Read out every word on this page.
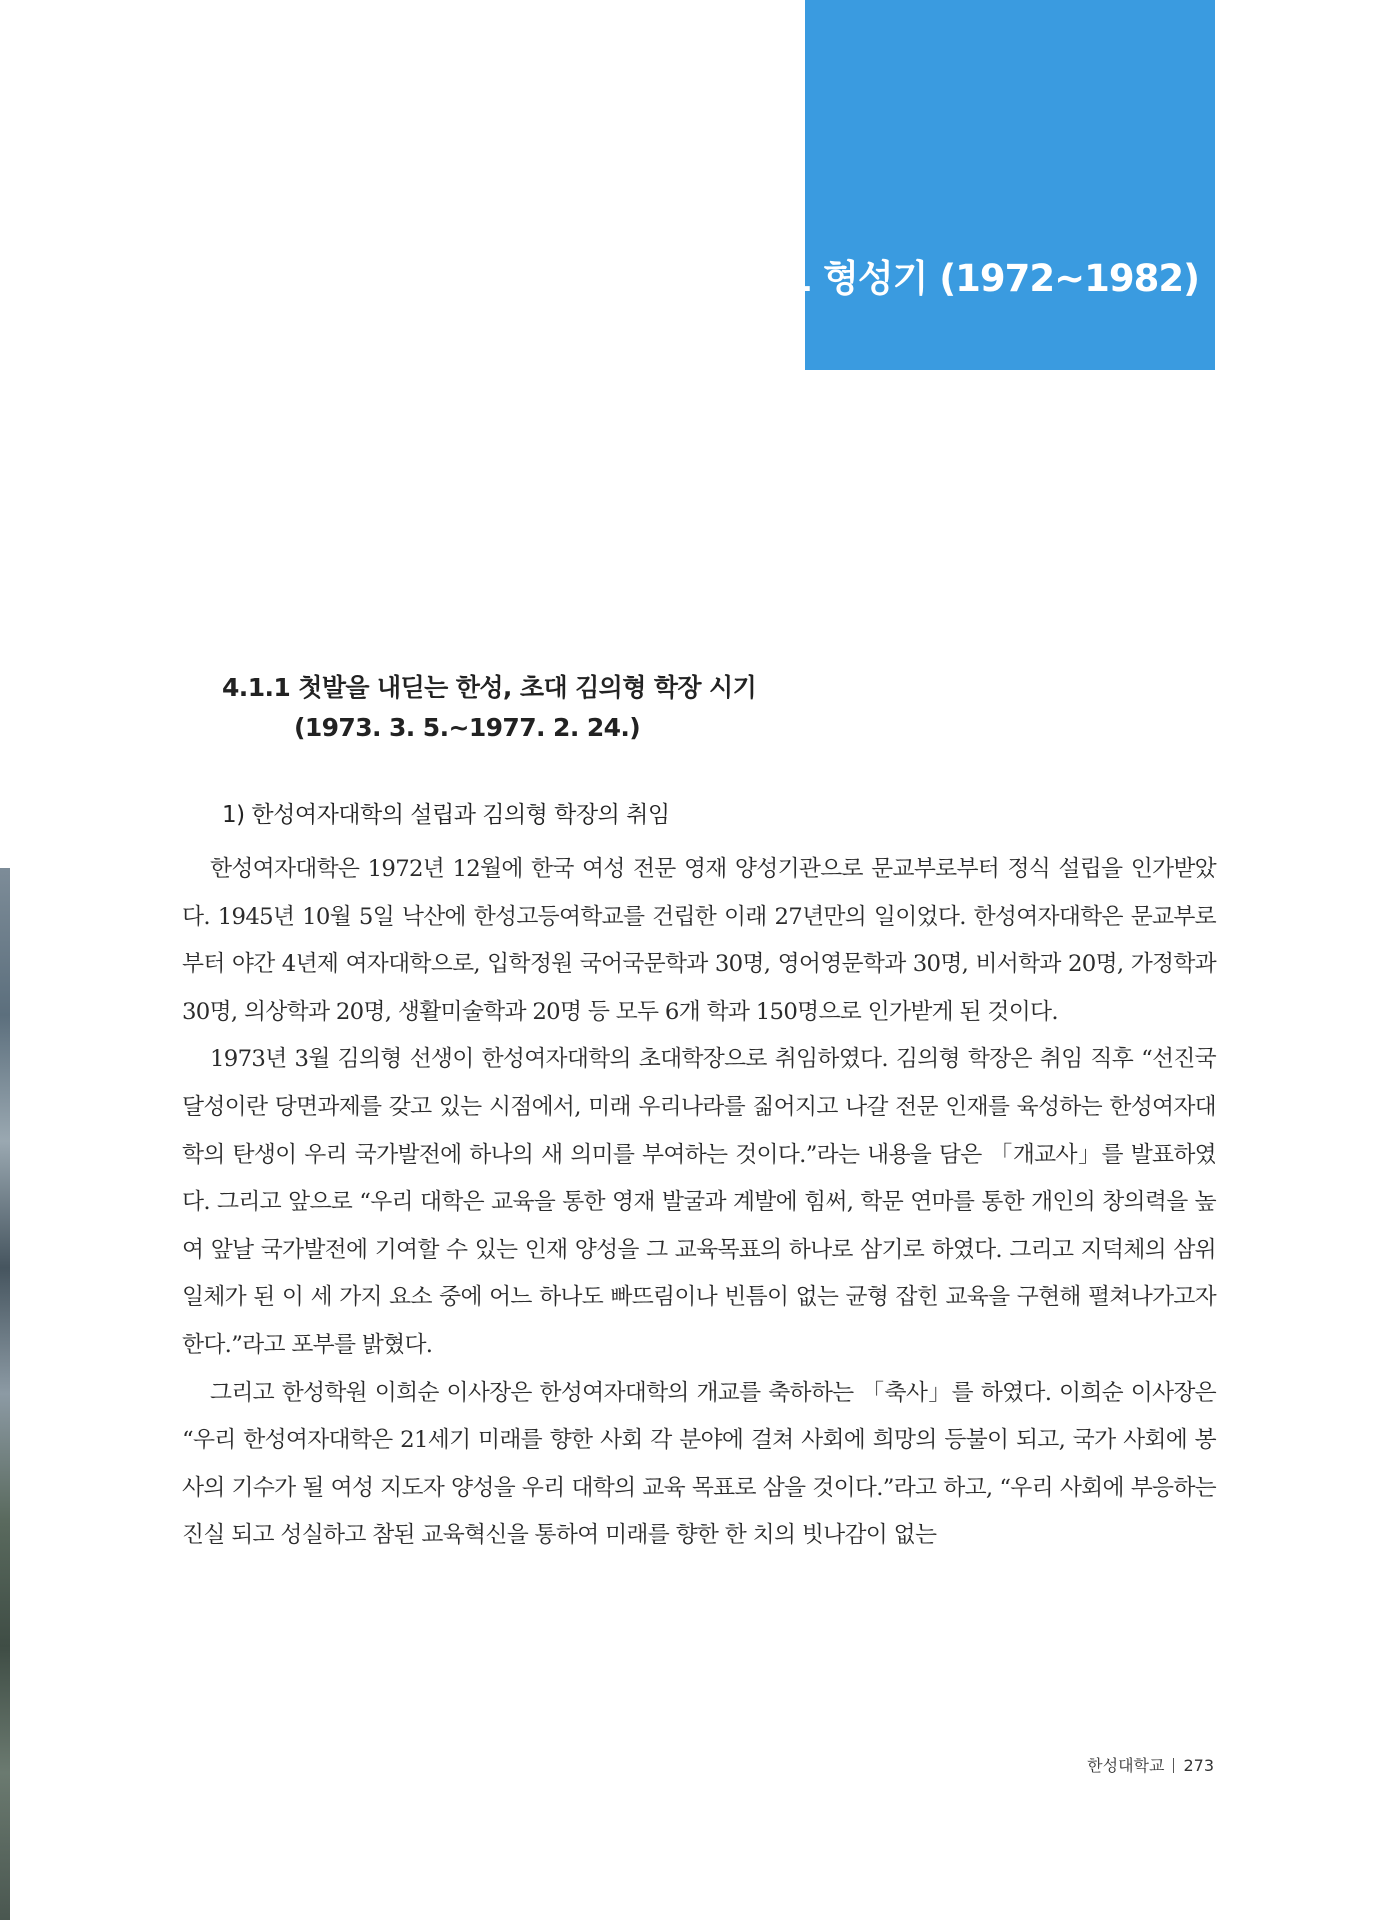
4.1 형성기 (1972~1982)
4.1.1 첫발을 내딛는 한성, 초대 김의형 학장 시기
(1973. 3. 5.~1977. 2. 24.)
1) 한성여자대학의 설립과 김의형 학장의 취임

한성여자대학은 1972년 12월에 한국 여성 전문 영재 양성기관으로 문교부로부터 정식 설립을 인가받았다. 1945년 10월 5일 낙산에 한성고등여학교를 건립한 이래 27년만의 일이었다. 한성여자대학은 문교부로부터 야간 4년제 여자대학으로, 입학정원 국어국문학과 30명, 영어영문학과 30명, 비서학과 20명, 가정학과 30명, 의상학과 20명, 생활미술학과 20명 등 모두 6개 학과 150명으로 인가받게 된 것이다.

1973년 3월 김의형 선생이 한성여자대학의 초대학장으로 취임하였다. 김의형 학장은 취임 직후 “선진국 달성이란 당면과제를 갖고 있는 시점에서, 미래 우리나라를 짊어지고 나갈 전문 인재를 육성하는 한성여자대학의 탄생이 우리 국가발전에 하나의 새 의미를 부여하는 것이다.”라는 내용을 담은 「개교사」를 발표하였다. 그리고 앞으로 “우리 대학은 교육을 통한 영재 발굴과 계발에 힘써, 학문 연마를 통한 개인의 창의력을 높여 앞날 국가발전에 기여할 수 있는 인재 양성을 그 교육목표의 하나로 삼기로 하였다. 그리고 지덕체의 삼위일체가 된 이 세 가지 요소 중에 어느 하나도 빠뜨림이나 빈틈이 없는 균형 잡힌 교육을 구현해 펼쳐나가고자 한다.”라고 포부를 밝혔다.

그리고 한성학원 이희순 이사장은 한성여자대학의 개교를 축하하는 「축사」를 하였다. 이희순 이사장은 “우리 한성여자대학은 21세기 미래를 향한 사회 각 분야에 걸쳐 사회에 희망의 등불이 되고, 국가 사회에 봉사의 기수가 될 여성 지도자 양성을 우리 대학의 교육 목표로 삼을 것이다.”라고 하고, “우리 사회에 부응하는 진실 되고 성실하고 참된 교육혁신을 통하여 미래를 향한 한 치의 빗나감이 없는

한성대학교 273
